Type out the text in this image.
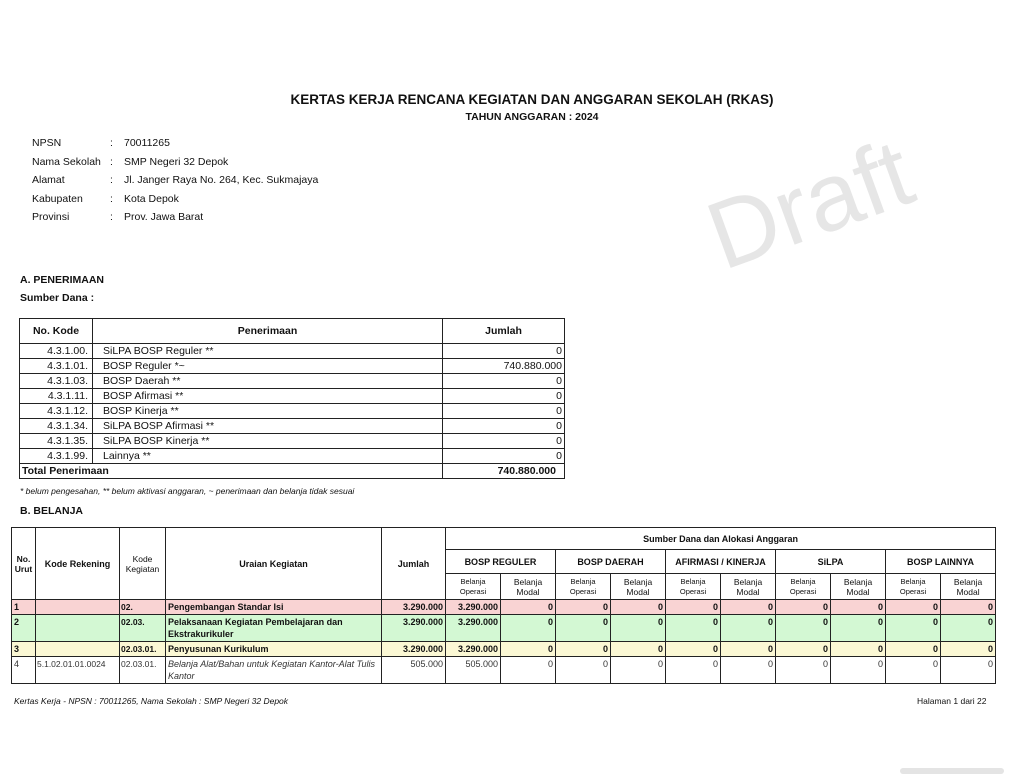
Draft
KERTAS KERJA RENCANA KEGIATAN DAN ANGGARAN SEKOLAH (RKAS)
TAHUN ANGGARAN : 2024
NPSN	:	70011265
Nama Sekolah :	SMP Negeri 32 Depok
Alamat	:	Jl. Janger Raya No. 264, Kec. Sukmajaya
Kabupaten	:	Kota Depok
Provinsi	:	Prov. Jawa Barat
A. PENERIMAAN
Sumber Dana :
No. Kode	Penerimaan	Jumlah
4.3.1.00.	SiLPA BOSP Reguler **	0
4.3.1.01.	BOSP Reguler *~	740.880.000
4.3.1.03.	BOSP Daerah **	0
4.3.1.11.	BOSP Afirmasi **	0
4.3.1.12.	BOSP Kinerja **	0
4.3.1.34.	SiLPA BOSP Afirmasi **	0
4.3.1.35.	SiLPA BOSP Kinerja **	0
4.3.1.99.	Lainnya **	0
Total Penerimaan		740.880.000
* belum pengesahan, ** belum aktivasi anggaran, ~ penerimaan dan belanja tidak sesuai
B. BELANJA
No. Urut	Kode Rekening	Kode Kegiatan	Uraian Kegiatan	Jumlah	Sumber Dana dan Alokasi Anggaran									
					BOSP REGULER		BOSP DAERAH		AFIRMASI / KINERJA		SiLPA		BOSP LAINNYA	
					Belanja Operasi	Belanja Modal	Belanja Operasi	Belanja Modal	Belanja Operasi	Belanja Modal	Belanja Operasi	Belanja Modal	Belanja Operasi	Belanja Modal
1		02.	Pengembangan Standar Isi	3.290.000	3.290.000	0	0	0	0	0	0	0	0	0
2		02.03.	Pelaksanaan Kegiatan Pembelajaran dan Ekstrakurikuler	3.290.000	3.290.000	0	0	0	0	0	0	0	0	0
3		02.03.01.	Penyusunan Kurikulum	3.290.000	3.290.000	0	0	0	0	0	0	0	0	0
4	5.1.02.01.01.0024	02.03.01.	Belanja Alat/Bahan untuk Kegiatan Kantor-Alat Tulis Kantor	505.000	505.000	0	0	0	0	0	0	0	0	0
Kertas Kerja - NPSN : 70011265, Nama Sekolah : SMP Negeri 32 Depok	Halaman 1 dari 22
